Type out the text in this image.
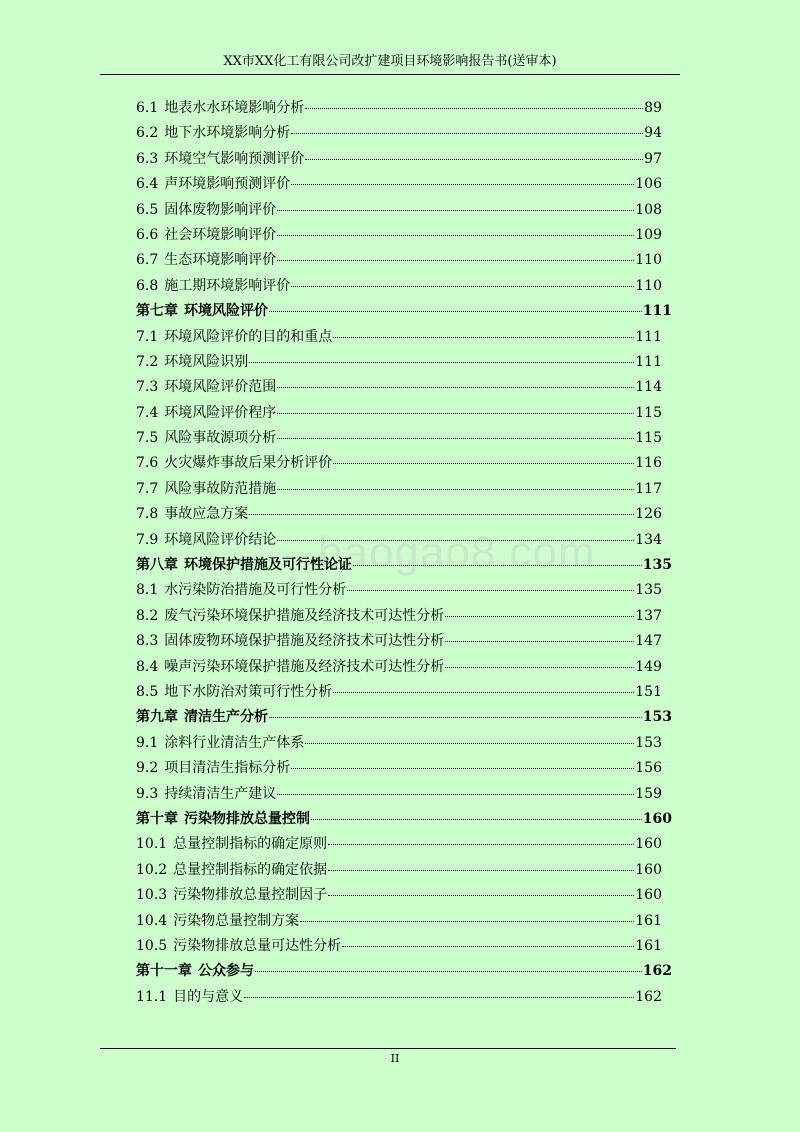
XX市XX化工有限公司改扩建项目环境影响报告书(送审本)
baogao8.com
6.1 地表水水环境影响分析	89
6.2 地下水环境影响分析	94
6.3 环境空气影响预测评价	97
6.4 声环境影响预测评价	106
6.5 固体废物影响评价	108
6.6 社会环境影响评价	109
6.7 生态环境影响评价	110
6.8 施工期环境影响评价	110
第七章 环境风险评价	111
7.1 环境风险评价的目的和重点	111
7.2 环境风险识别	111
7.3 环境风险评价范围	114
7.4 环境风险评价程序	115
7.5 风险事故源项分析	115
7.6 火灾爆炸事故后果分析评价	116
7.7 风险事故防范措施	117
7.8 事故应急方案	126
7.9 环境风险评价结论	134
第八章 环境保护措施及可行性论证	135
8.1 水污染防治措施及可行性分析	135
8.2 废气污染环境保护措施及经济技术可达性分析	137
8.3 固体废物环境保护措施及经济技术可达性分析	147
8.4 噪声污染环境保护措施及经济技术可达性分析	149
8.5 地下水防治对策可行性分析	151
第九章 清洁生产分析	153
9.1 涂料行业清洁生产体系	153
9.2 项目清洁生指标分析	156
9.3 持续清洁生产建议	159
第十章 污染物排放总量控制	160
10.1 总量控制指标的确定原则	160
10.2 总量控制指标的确定依据	160
10.3 污染物排放总量控制因子	160
10.4 污染物总量控制方案	161
10.5 污染物排放总量可达性分析	161
第十一章 公众参与	162
11.1 目的与意义	162
II
